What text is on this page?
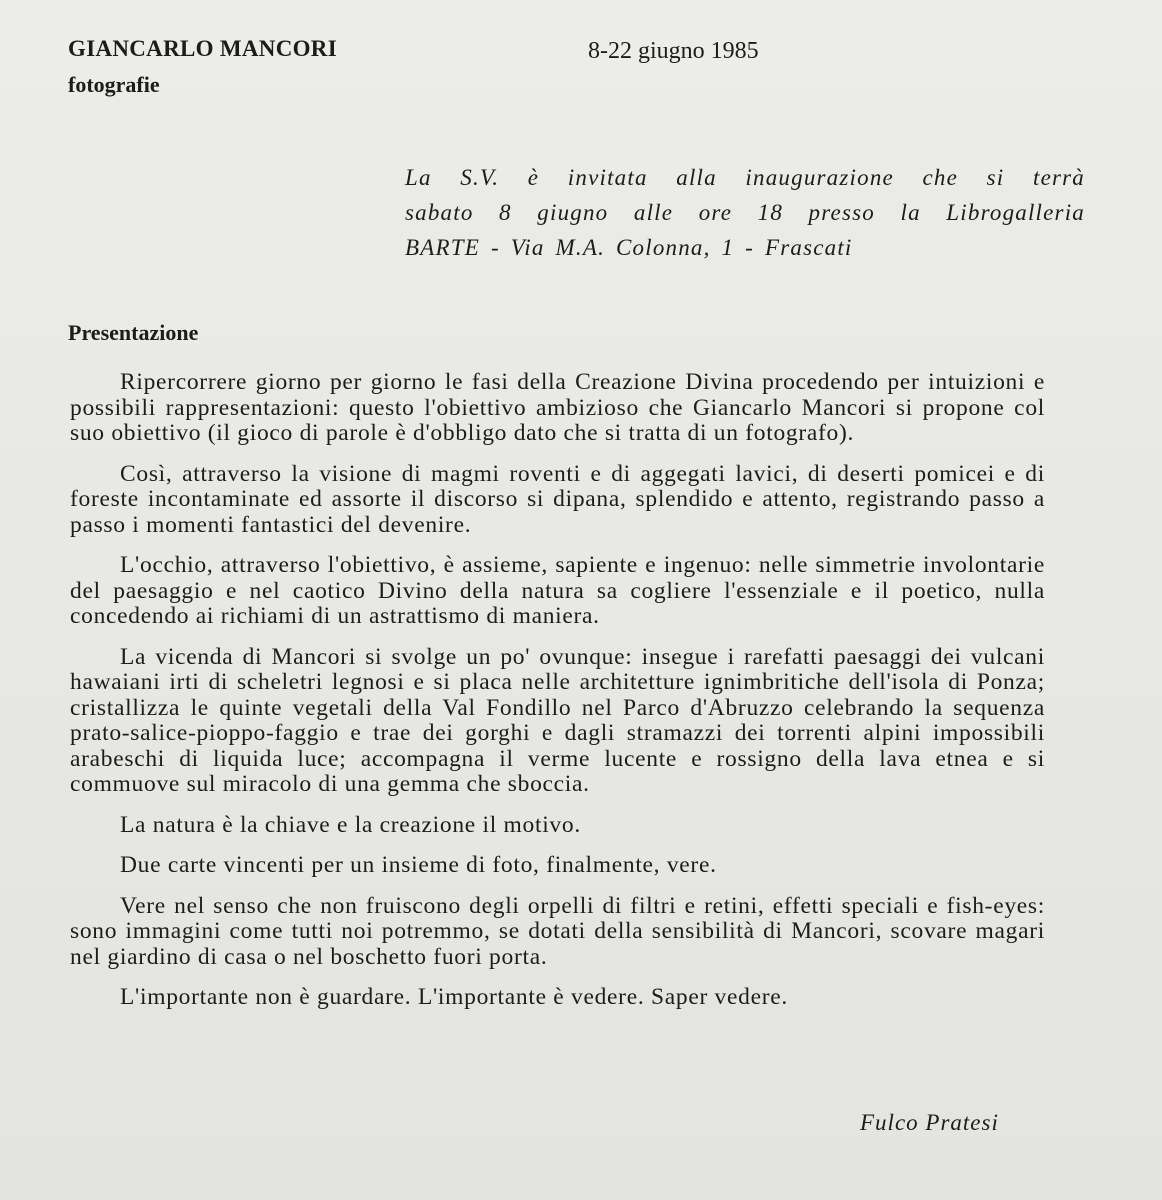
GIANCARLO MANCORI
fotografie
8-22 giugno 1985
La S.V. è invitata alla inaugurazione che si terrà
sabato 8 giugno alle ore 18 presso la Librogalleria
BARTE - Via M.A. Colonna, 1 - Frascati
Presentazione

Ripercorrere giorno per giorno le fasi della Creazione Divina procedendo per intuizioni e possibili rappresentazioni: questo l'obiettivo ambizioso che Giancarlo Mancori si propone col suo obiettivo (il gioco di parole è d'obbligo dato che si tratta di un fotografo).

Così, attraverso la visione di magmi roventi e di aggegati lavici, di deserti pomicei e di foreste incontaminate ed assorte il discorso si dipana, splendido e attento, registrando passo a passo i momenti fantastici del devenire.

L'occhio, attraverso l'obiettivo, è assieme, sapiente e ingenuo: nelle simmetrie involontarie del paesaggio e nel caotico Divino della natura sa cogliere l'essenziale e il poetico, nulla concedendo ai richiami di un astrattismo di maniera.

La vicenda di Mancori si svolge un po' ovunque: insegue i rarefatti paesaggi dei vulcani hawaiani irti di scheletri legnosi e si placa nelle architetture ignimbritiche dell'isola di Ponza; cristallizza le quinte vegetali della Val Fondillo nel Parco d'Abruzzo celebrando la sequenza prato-salice-pioppo-faggio e trae dei gorghi e dagli stramazzi dei torrenti alpini impossibili arabeschi di liquida luce; accompagna il verme lucente e rossigno della lava etnea e si commuove sul miracolo di una gemma che sboccia.

La natura è la chiave e la creazione il motivo.

Due carte vincenti per un insieme di foto, finalmente, vere.

Vere nel senso che non fruiscono degli orpelli di filtri e retini, effetti speciali e fish-eyes: sono immagini come tutti noi potremmo, se dotati della sensibilità di Mancori, scovare magari nel giardino di casa o nel boschetto fuori porta.

L'importante non è guardare. L'importante è vedere. Saper vedere.

Fulco Pratesi
